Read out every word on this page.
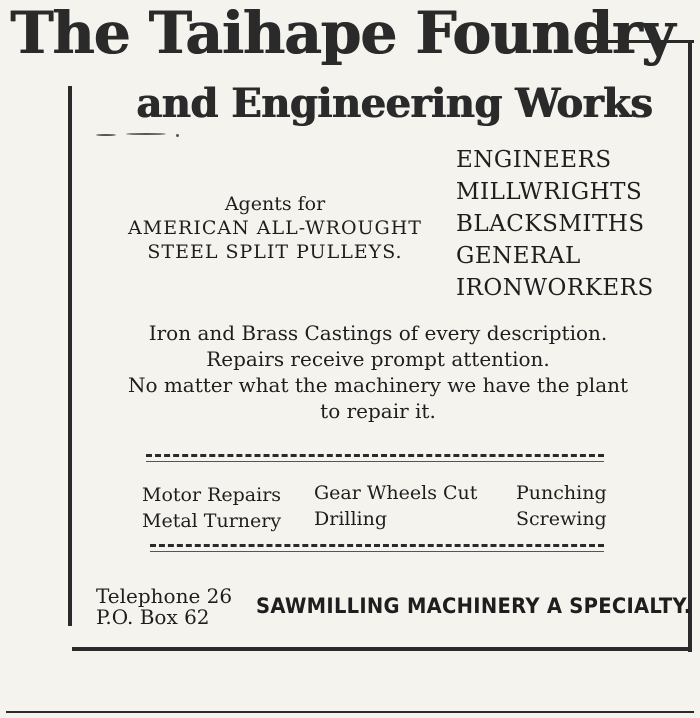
The Taihape Foundry
and Engineering Works
Agents for
AMERICAN ALL-WROUGHT
STEEL SPLIT PULLEYS.
ENGINEERS
MILLWRIGHTS
BLACKSMITHS
GENERAL
IRONWORKERS
Iron and Brass Castings of every description.
Repairs receive prompt attention.
No matter what the machinery we have the plant
to repair it.
Motor Repairs
Metal Turnery
Gear Wheels Cut
Drilling
Punching
Screwing
Telephone 26
P.O. Box 62	SAWMILLING MACHINERY A SPECIALTY.
